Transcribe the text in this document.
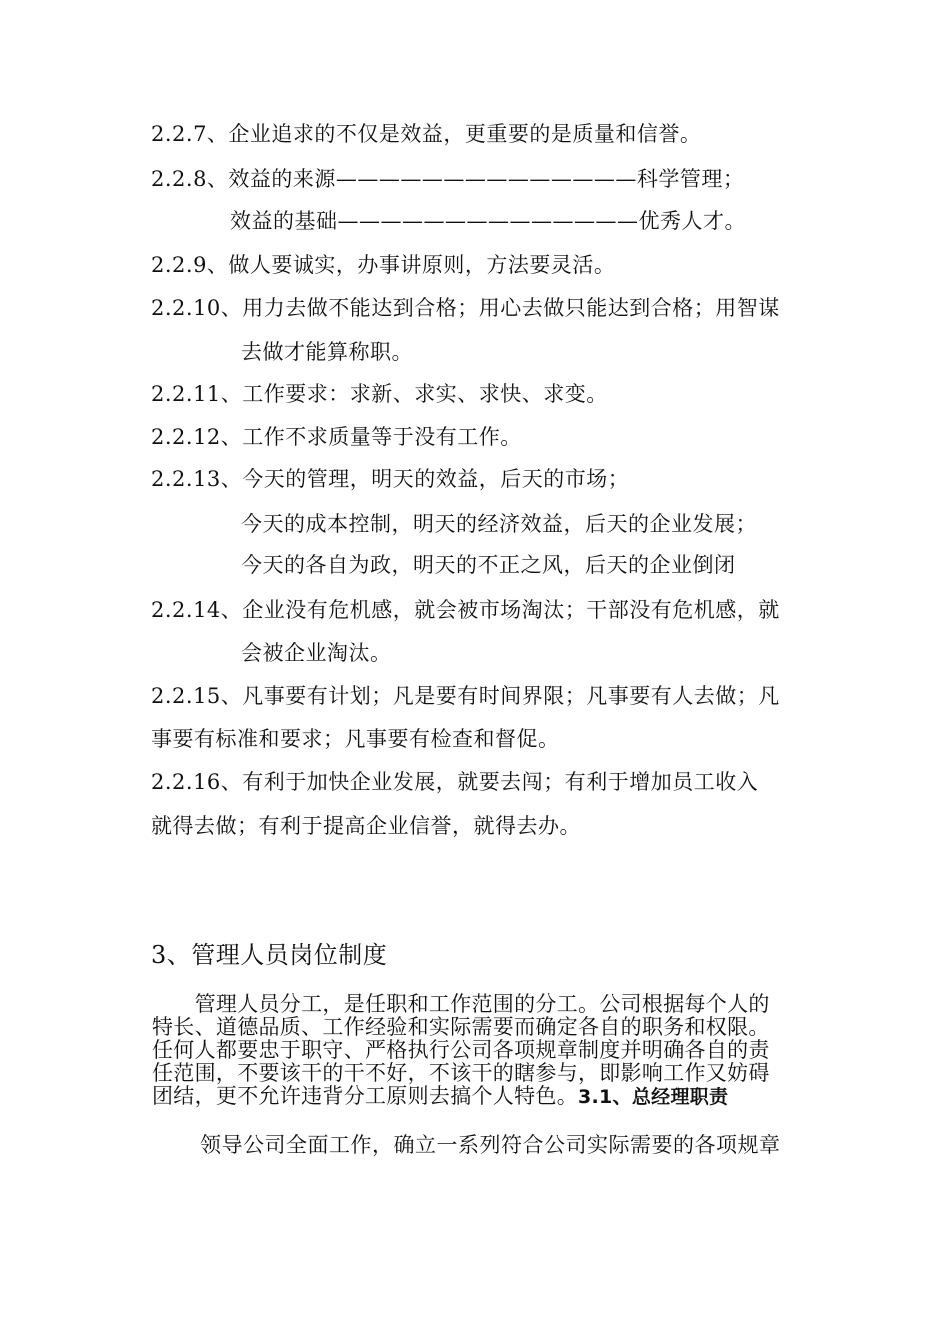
2.2.7、企业追求的不仅是效益，更重要的是质量和信誉。
2.2.8、效益的来源——————————————科学管理；
效益的基础——————————————优秀人才。
2.2.9、做人要诚实，办事讲原则，方法要灵活。
2.2.10、用力去做不能达到合格；用心去做只能达到合格；用智谋
去做才能算称职。
2.2.11、工作要求：求新、求实、求快、求变。
2.2.12、工作不求质量等于没有工作。
2.2.13、今天的管理，明天的效益，后天的市场；
今天的成本控制，明天的经济效益，后天的企业发展；
今天的各自为政，明天的不正之风，后天的企业倒闭
2.2.14、企业没有危机感，就会被市场淘汰；干部没有危机感，就
会被企业淘汰。
2.2.15、凡事要有计划；凡是要有时间界限；凡事要有人去做；凡
事要有标准和要求；凡事要有检查和督促。
2.2.16、有利于加快企业发展，就要去闯；有利于增加员工收入
就得去做；有利于提高企业信誉，就得去办。
3、管理人员岗位制度

　　管理人员分工，是任职和工作范围的分工。公司根据每个人的

特长、道德品质、工作经验和实际需要而确定各自的职务和权限。

任何人都要忠于职守、严格执行公司各项规章制度并明确各自的责

任范围，不要该干的干不好，不该干的瞎参与，即影响工作又妨碍

团结，更不允许违背分工原则去搞个人特色。3.1、总经理职责

领导公司全面工作，确立一系列符合公司实际需要的各项规章
